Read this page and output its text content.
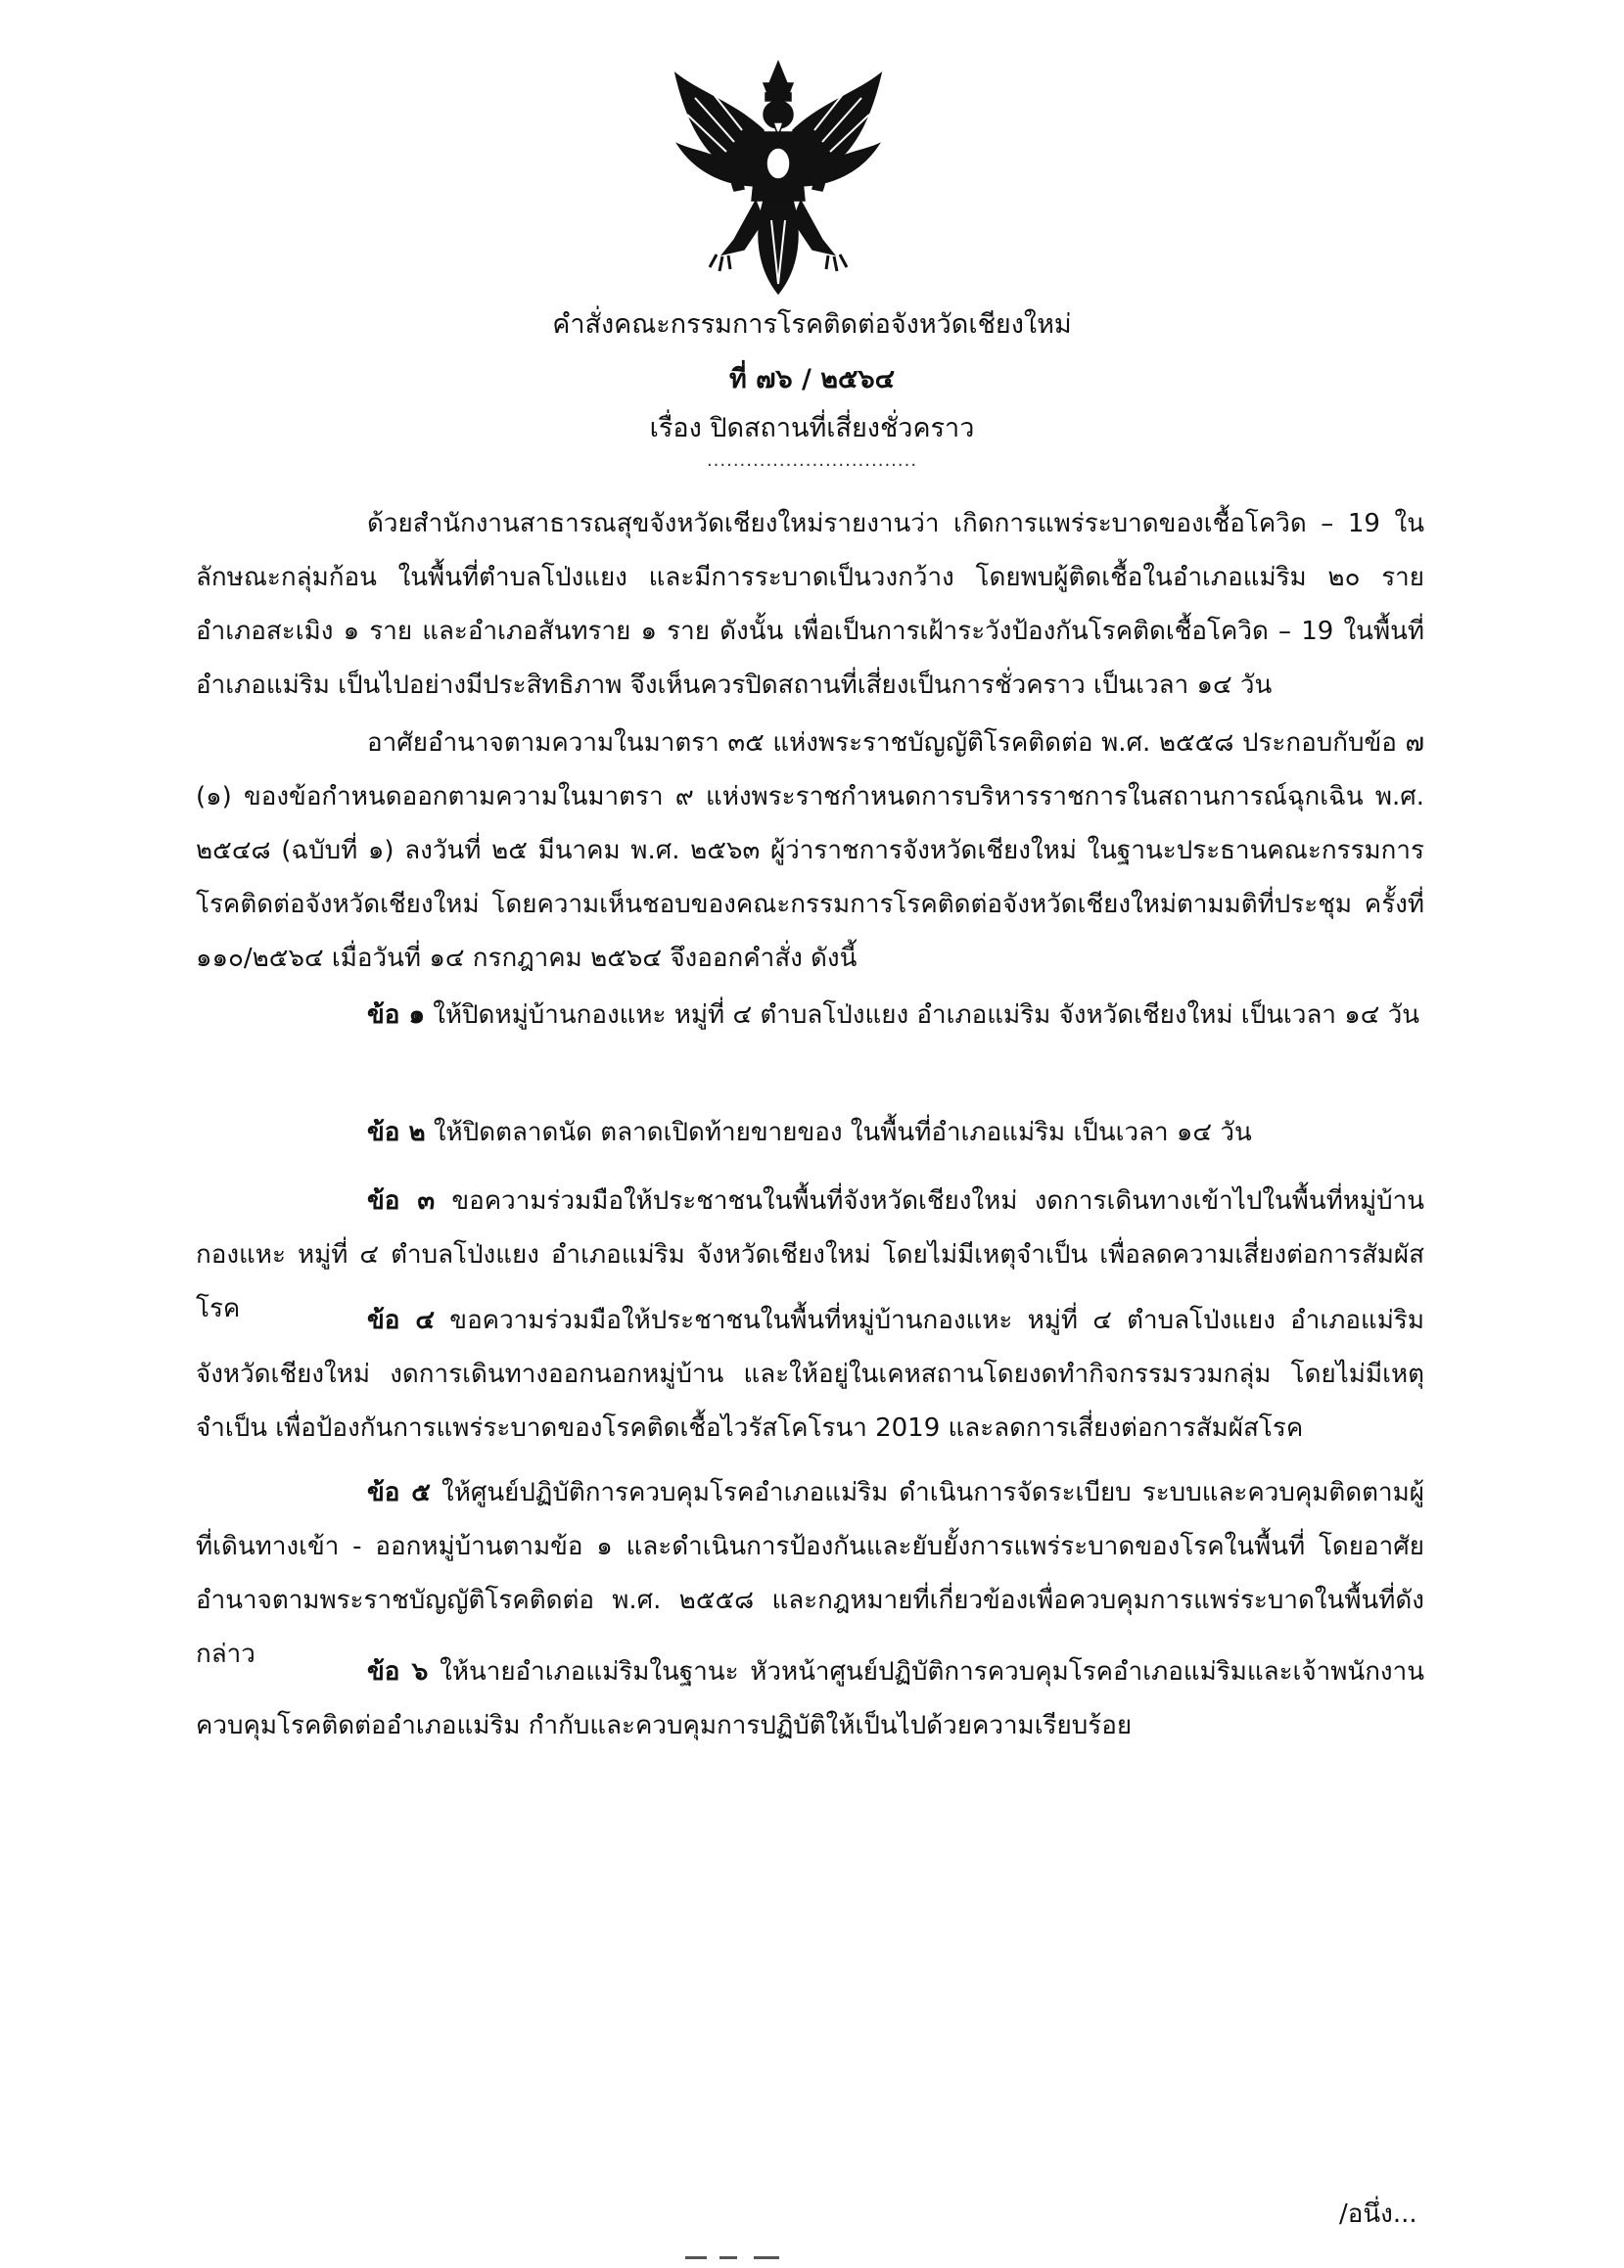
คำสั่งคณะกรรมการโรคติดต่อจังหวัดเชียงใหม่
ที่ ๗๖ / ๒๕๖๔
เรื่อง ปิดสถานที่เสี่ยงชั่วคราว
................................
ด้วยสำนักงานสาธารณสุขจังหวัดเชียงใหม่รายงานว่า เกิดการแพร่ระบาดของเชื้อโควิด – 19 ในลักษณะกลุ่มก้อน ในพื้นที่ตำบลโป่งแยง และมีการระบาดเป็นวงกว้าง โดยพบผู้ติดเชื้อในอำเภอแม่ริม ๒๐ ราย อำเภอสะเมิง ๑ ราย และอำเภอสันทราย ๑ ราย ดังนั้น เพื่อเป็นการเฝ้าระวังป้องกันโรคติดเชื้อโควิด – 19 ในพื้นที่อำเภอแม่ริม เป็นไปอย่างมีประสิทธิภาพ จึงเห็นควรปิดสถานที่เสี่ยงเป็นการชั่วคราว เป็นเวลา ๑๔ วัน
อาศัยอำนาจตามความในมาตรา ๓๕ แห่งพระราชบัญญัติโรคติดต่อ พ.ศ. ๒๕๕๘ ประกอบกับข้อ ๗ (๑) ของข้อกำหนดออกตามความในมาตรา ๙ แห่งพระราชกำหนดการบริหารราชการในสถานการณ์ฉุกเฉิน พ.ศ. ๒๕๔๘ (ฉบับที่ ๑) ลงวันที่ ๒๕ มีนาคม พ.ศ. ๒๕๖๓ ผู้ว่าราชการจังหวัดเชียงใหม่ ในฐานะประธานคณะกรรมการโรคติดต่อจังหวัดเชียงใหม่ โดยความเห็นชอบของคณะกรรมการโรคติดต่อจังหวัดเชียงใหม่ตามมติที่ประชุม ครั้งที่ ๑๑๐/๒๕๖๔ เมื่อวันที่ ๑๔ กรกฎาคม ๒๕๖๔ จึงออกคำสั่ง ดังนี้
ข้อ ๑ ให้ปิดหมู่บ้านกองแหะ หมู่ที่ ๔ ตำบลโป่งแยง อำเภอแม่ริม จังหวัดเชียงใหม่ เป็นเวลา ๑๔ วัน
ข้อ ๒ ให้ปิดตลาดนัด ตลาดเปิดท้ายขายของ ในพื้นที่อำเภอแม่ริม เป็นเวลา ๑๔ วัน
ข้อ ๓ ขอความร่วมมือให้ประชาชนในพื้นที่จังหวัดเชียงใหม่ งดการเดินทางเข้าไปในพื้นที่หมู่บ้านกองแหะ หมู่ที่ ๔ ตำบลโป่งแยง อำเภอแม่ริม จังหวัดเชียงใหม่ โดยไม่มีเหตุจำเป็น เพื่อลดความเสี่ยงต่อการสัมผัสโรค	ข้อ ๔ ขอความร่วมมือให้ประชาชนในพื้นที่หมู่บ้านกองแหะ หมู่ที่ ๔ ตำบลโป่งแยง อำเภอแม่ริม จังหวัดเชียงใหม่ งดการเดินทางออกนอกหมู่บ้าน และให้อยู่ในเคหสถานโดยงดทำกิจกรรมรวมกลุ่ม โดยไม่มีเหตุจำเป็น เพื่อป้องกันการแพร่ระบาดของโรคติดเชื้อไวรัสโคโรนา 2019 และลดการเสี่ยงต่อการสัมผัสโรค
ข้อ ๕ ให้ศูนย์ปฏิบัติการควบคุมโรคอำเภอแม่ริม ดำเนินการจัดระเบียบ ระบบและควบคุมติดตามผู้ที่เดินทางเข้า - ออกหมู่บ้านตามข้อ ๑ และดำเนินการป้องกันและยับยั้งการแพร่ระบาดของโรคในพื้นที่ โดยอาศัยอำนาจตามพระราชบัญญัติโรคติดต่อ พ.ศ. ๒๕๕๘ และกฎหมายที่เกี่ยวข้องเพื่อควบคุมการแพร่ระบาดในพื้นที่ดังกล่าว
ข้อ ๖ ให้นายอำเภอแม่ริมในฐานะ หัวหน้าศูนย์ปฏิบัติการควบคุมโรคอำเภอแม่ริมและเจ้าพนักงานควบคุมโรคติดต่ออำเภอแม่ริม กำกับและควบคุมการปฏิบัติให้เป็นไปด้วยความเรียบร้อย
/อนึ่ง...
